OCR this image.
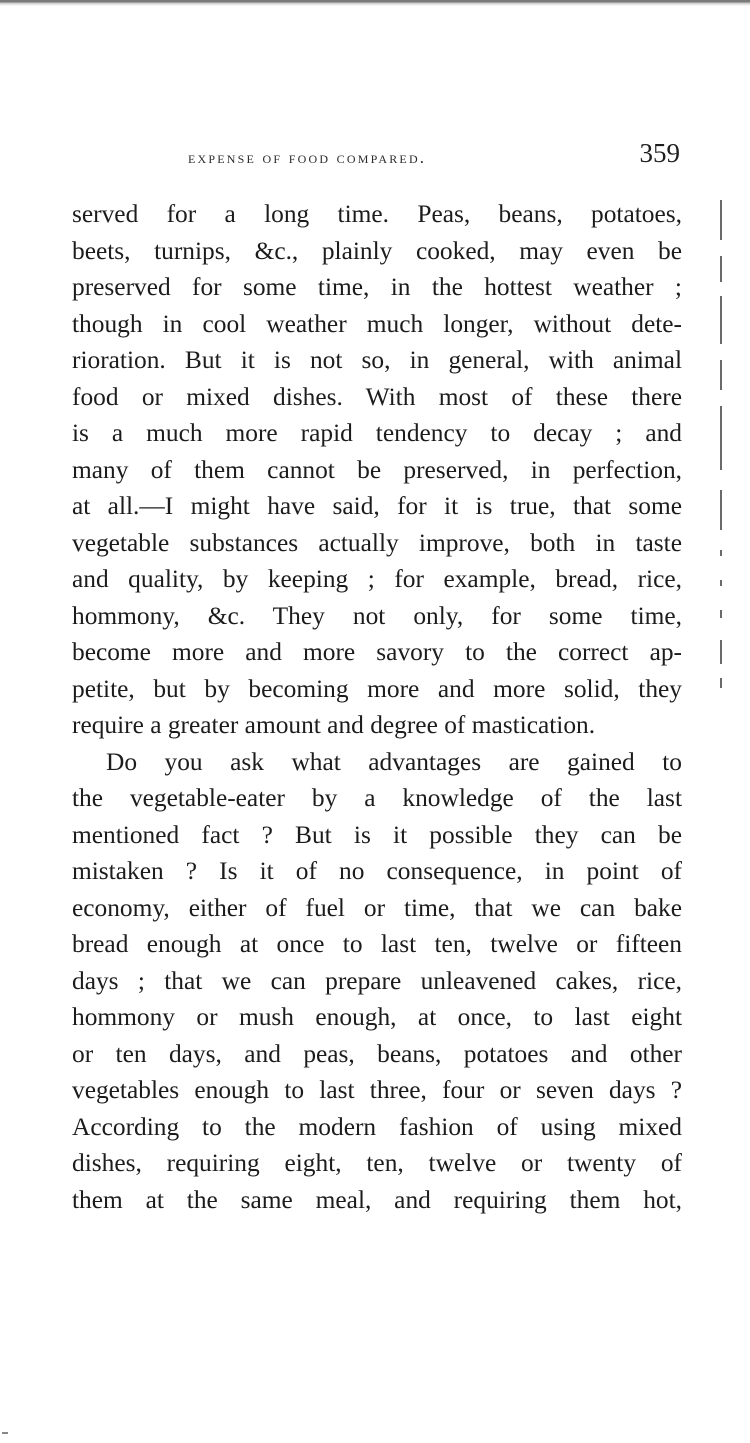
expense of food compared.	359
served for a long time. Peas, beans, potatoes,
beets, turnips, &c., plainly cooked, may even be
preserved for some time, in the hottest weather ;
though in cool weather much longer, without dete-
rioration. But it is not so, in general, with animal
food or mixed dishes. With most of these there
is a much more rapid tendency to decay ; and
many of them cannot be preserved, in perfection,
at all.—I might have said, for it is true, that some
vegetable substances actually improve, both in taste
and quality, by keeping ; for example, bread, rice,
hommony, &c. They not only, for some time,
become more and more savory to the correct ap-
petite, but by becoming more and more solid, they
require a greater amount and degree of mastication.
Do you ask what advantages are gained to
the vegetable-eater by a knowledge of the last
mentioned fact ? But is it possible they can be
mistaken ? Is it of no consequence, in point of
economy, either of fuel or time, that we can bake
bread enough at once to last ten, twelve or fifteen
days ; that we can prepare unleavened cakes, rice,
hommony or mush enough, at once, to last eight
or ten days, and peas, beans, potatoes and other
vegetables enough to last three, four or seven days ?
According to the modern fashion of using mixed
dishes, requiring eight, ten, twelve or twenty of
them at the same meal, and requiring them hot,
